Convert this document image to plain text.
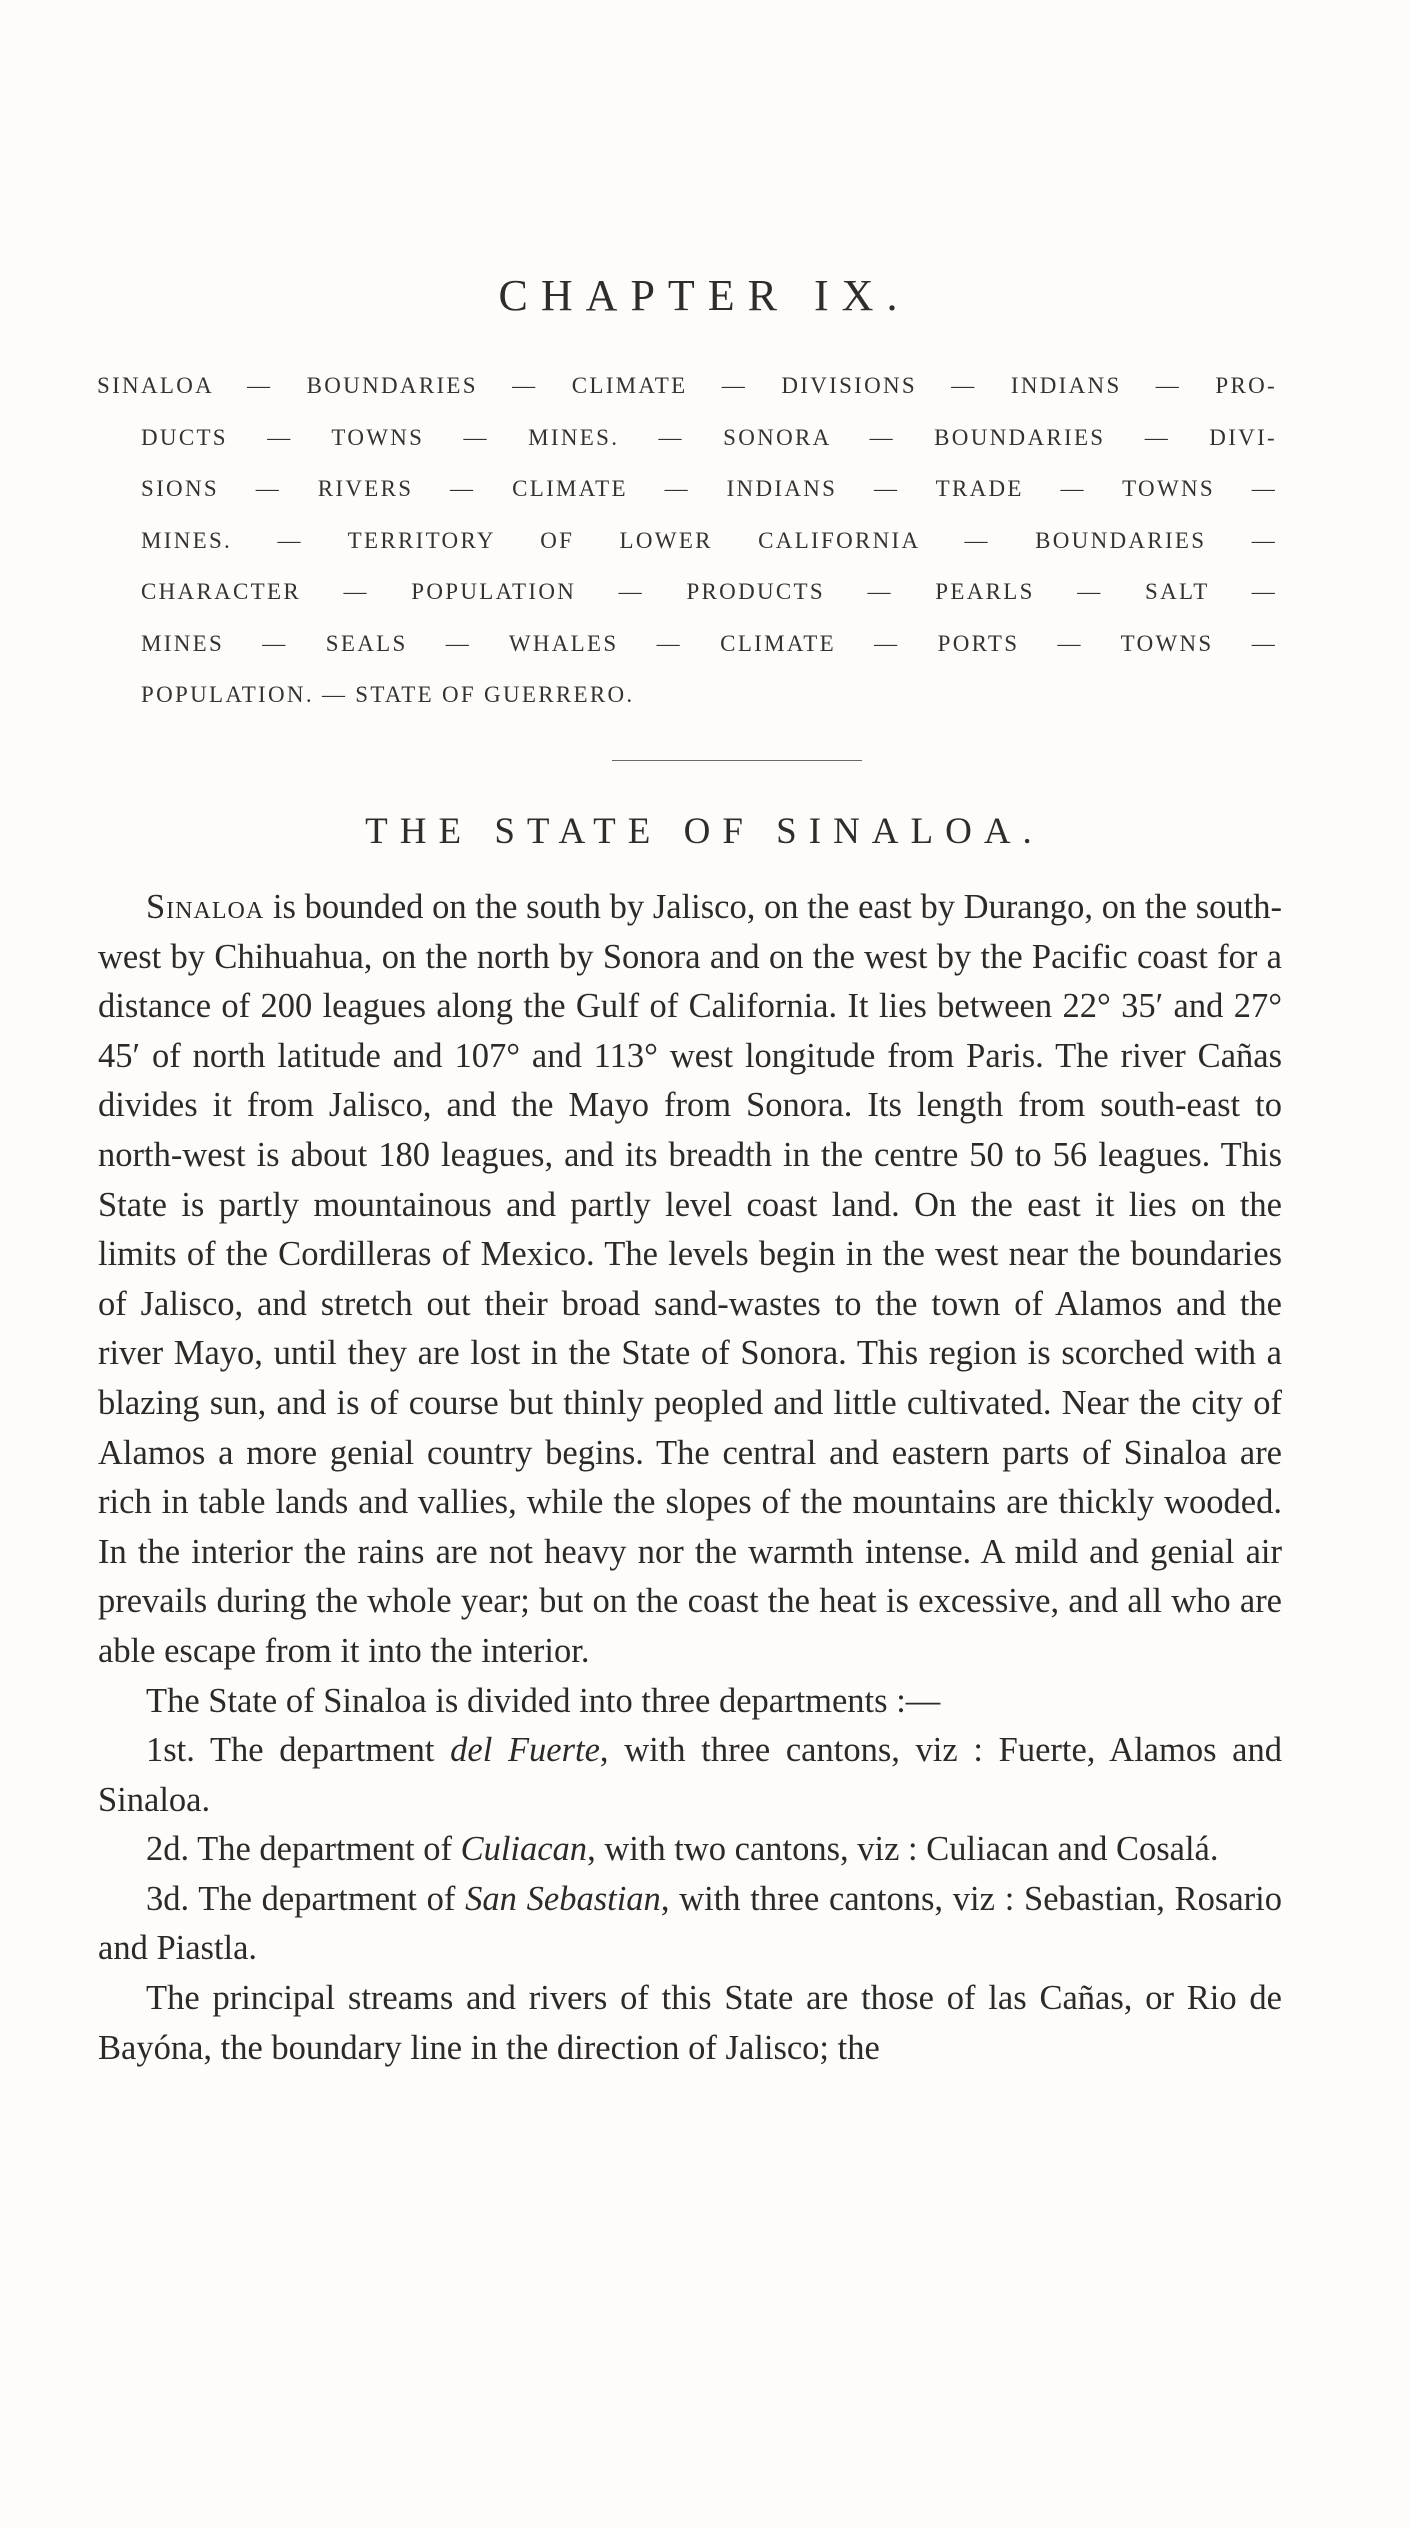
CHAPTER IX.
SINALOA — BOUNDARIES — CLIMATE — DIVISIONS — INDIANS — PRO-
DUCTS — TOWNS — MINES. — SONORA — BOUNDARIES — DIVI-
SIONS — RIVERS — CLIMATE — INDIANS — TRADE — TOWNS —
MINES. — TERRITORY OF LOWER CALIFORNIA — BOUNDARIES —
CHARACTER — POPULATION — PRODUCTS — PEARLS — SALT —
MINES — SEALS — WHALES — CLIMATE — PORTS — TOWNS —
POPULATION. — STATE OF GUERRERO.
THE STATE OF SINALOA.

Sinaloa is bounded on the south by Jalisco, on the east by Durango, on the south-west by Chihuahua, on the north by Sonora and on the west by the Pacific coast for a distance of 200 leagues along the Gulf of California. It lies between 22° 35′ and 27° 45′ of north latitude and 107° and 113° west longitude from Paris. The river Cañas divides it from Jalisco, and the Mayo from Sonora. Its length from south-east to north-west is about 180 leagues, and its breadth in the centre 50 to 56 leagues. This State is partly mountainous and partly level coast land. On the east it lies on the limits of the Cordilleras of Mexico. The levels begin in the west near the boundaries of Jalisco, and stretch out their broad sand-wastes to the town of Alamos and the river Mayo, until they are lost in the State of Sonora. This region is scorched with a blazing sun, and is of course but thinly peopled and little cultivated. Near the city of Alamos a more genial country begins. The central and eastern parts of Sinaloa are rich in table lands and vallies, while the slopes of the mountains are thickly wooded. In the interior the rains are not heavy nor the warmth intense. A mild and genial air prevails during the whole year; but on the coast the heat is excessive, and all who are able escape from it into the interior.

The State of Sinaloa is divided into three departments :—

1st. The department del Fuerte, with three cantons, viz : Fuerte, Alamos and Sinaloa.

2d. The department of Culiacan, with two cantons, viz : Culiacan and Cosalá.

3d. The department of San Sebastian, with three cantons, viz : Sebastian, Rosario and Piastla.

The principal streams and rivers of this State are those of las Cañas, or Rio de Bayóna, the boundary line in the direction of Jalisco; the
